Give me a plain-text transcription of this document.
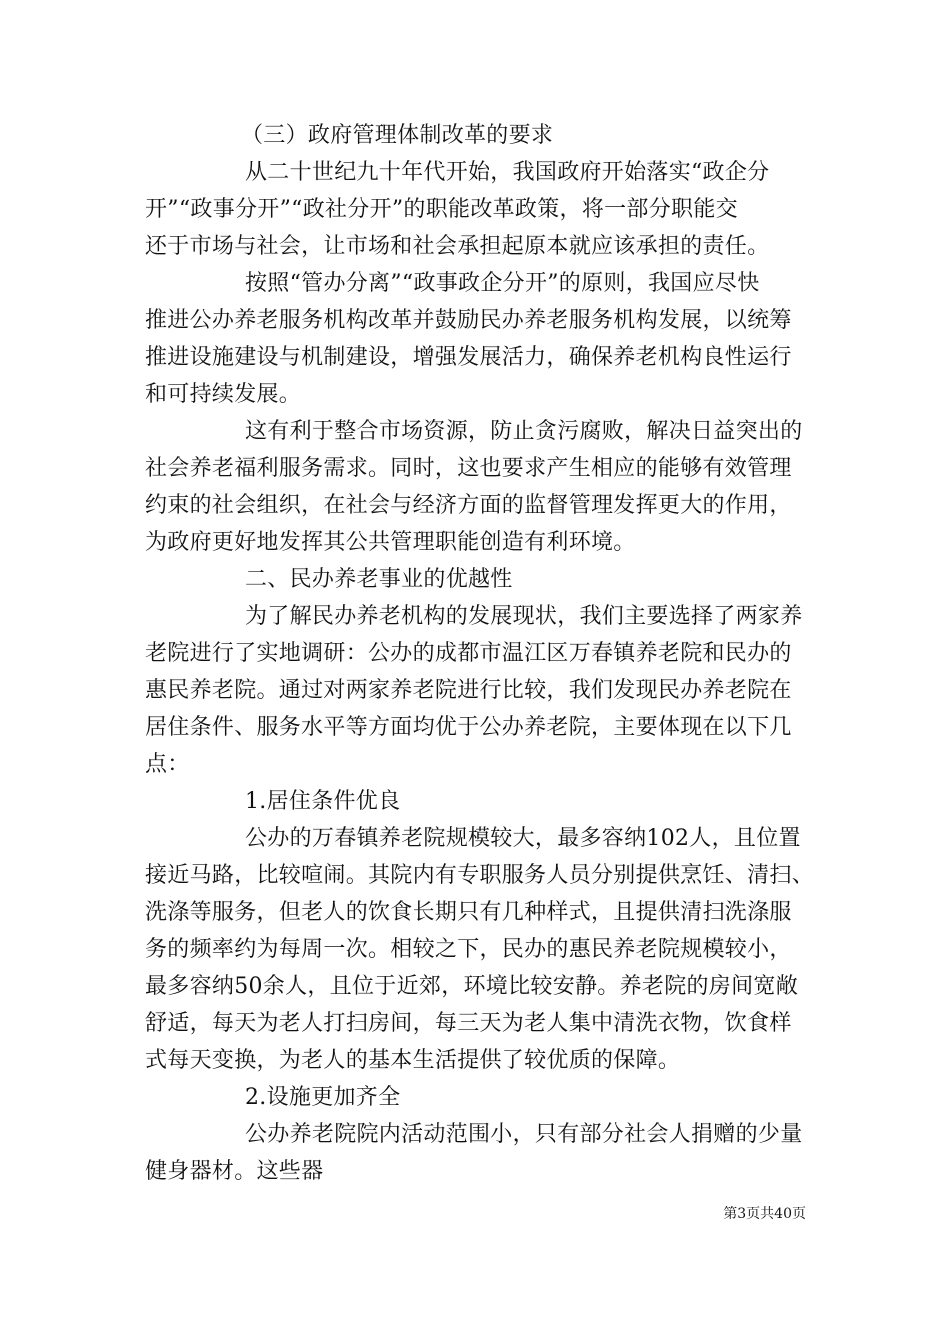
（三）政府管理体制改革的要求
从二十世纪九十年代开始，我国政府开始落实“政企分
开”“政事分开”“政社分开”的职能改革政策，将一部分职能交
还于市场与社会，让市场和社会承担起原本就应该承担的责任。
按照“管办分离”“政事政企分开”的原则，我国应尽快
推进公办养老服务机构改革并鼓励民办养老服务机构发展，以统筹
推进设施建设与机制建设，增强发展活力，确保养老机构良性运行
和可持续发展。
这有利于整合市场资源，防止贪污腐败，解决日益突出的
社会养老福利服务需求。同时，这也要求产生相应的能够有效管理
约束的社会组织，在社会与经济方面的监督管理发挥更大的作用，
为政府更好地发挥其公共管理职能创造有利环境。
二、民办养老事业的优越性
为了解民办养老机构的发展现状，我们主要选择了两家养
老院进行了实地调研：公办的成都市温江区万春镇养老院和民办的
惠民养老院。通过对两家养老院进行比较，我们发现民办养老院在
居住条件、服务水平等方面均优于公办养老院，主要体现在以下几
点：
1.居住条件优良
公办的万春镇养老院规模较大，最多容纳102人，且位置
接近马路，比较喧闹。其院内有专职服务人员分别提供烹饪、清扫、
洗涤等服务，但老人的饮食长期只有几种样式，且提供清扫洗涤服
务的频率约为每周一次。相较之下，民办的惠民养老院规模较小，
最多容纳50余人，且位于近郊，环境比较安静。养老院的房间宽敞
舒适，每天为老人打扫房间，每三天为老人集中清洗衣物，饮食样
式每天变换，为老人的基本生活提供了较优质的保障。
2.设施更加齐全
公办养老院院内活动范围小，只有部分社会人捐赠的少量
健身器材。这些器
第3页共40页
